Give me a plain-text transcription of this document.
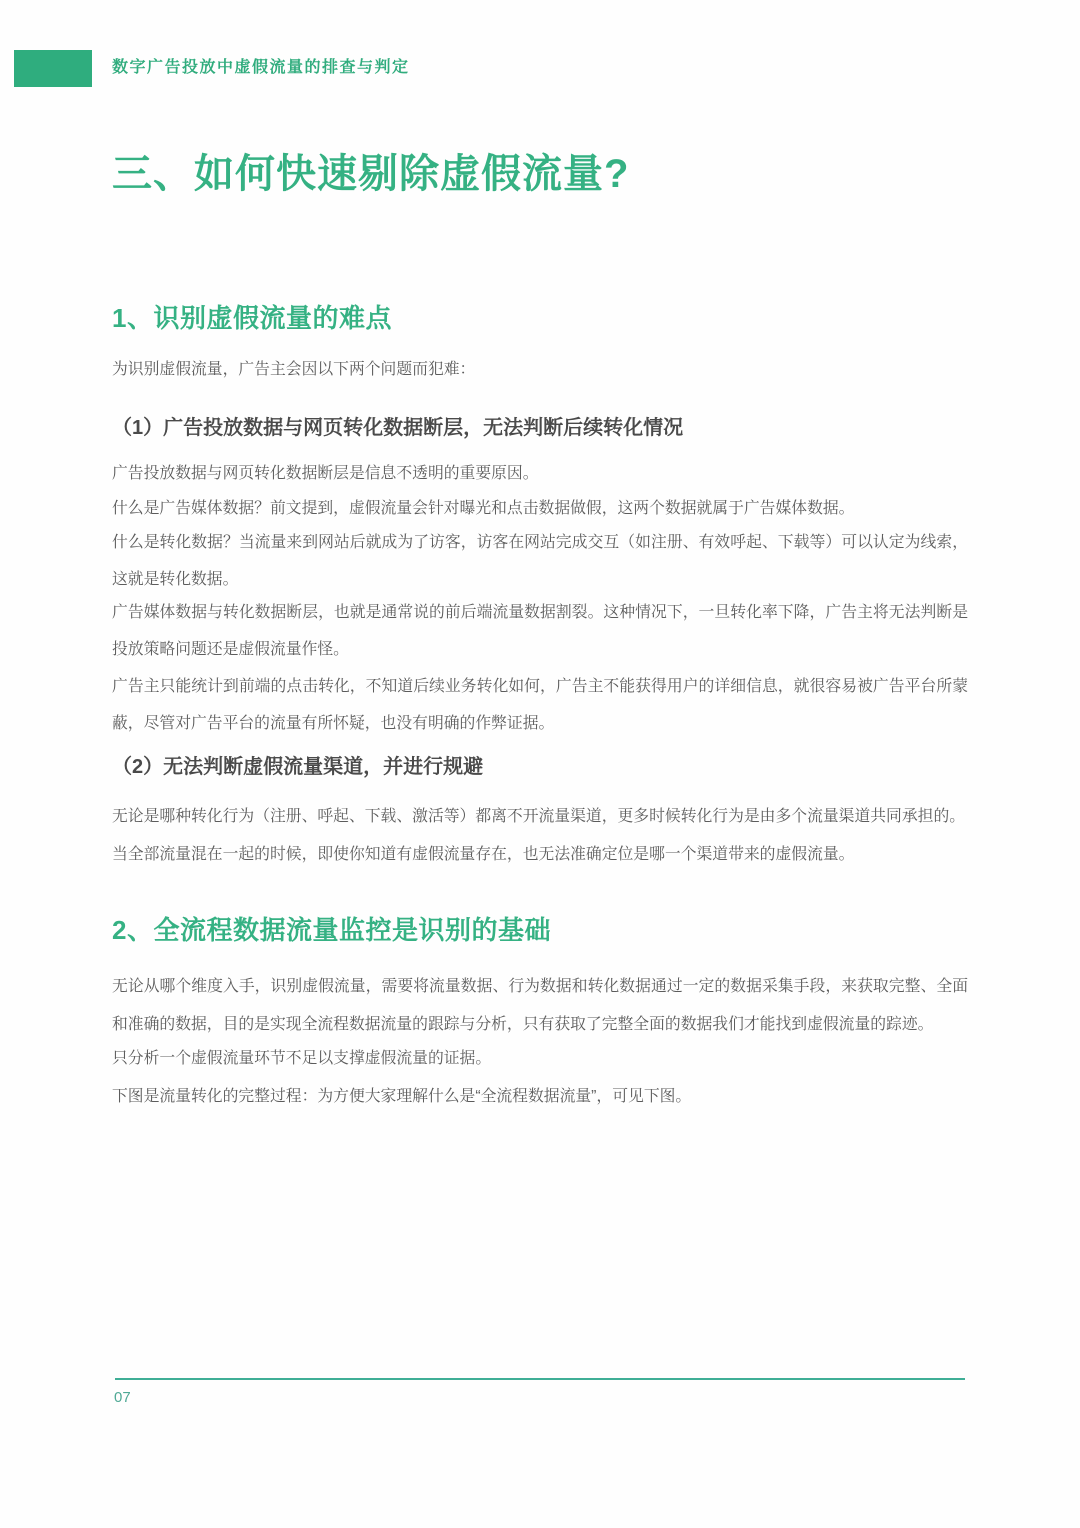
数字广告投放中虚假流量的排查与判定
三、如何快速剔除虚假流量?
1、识别虚假流量的难点

为识别虚假流量，广告主会因以下两个问题而犯难：

（1）广告投放数据与网页转化数据断层，无法判断后续转化情况

广告投放数据与网页转化数据断层是信息不透明的重要原因。

什么是广告媒体数据？前文提到，虚假流量会针对曝光和点击数据做假，这两个数据就属于广告媒体数据。

什么是转化数据？当流量来到网站后就成为了访客，访客在网站完成交互（如注册、有效呼起、下载等）可以认定为线索，这就是转化数据。

广告媒体数据与转化数据断层，也就是通常说的前后端流量数据割裂。这种情况下，一旦转化率下降，广告主将无法判断是投放策略问题还是虚假流量作怪。

广告主只能统计到前端的点击转化，不知道后续业务转化如何，广告主不能获得用户的详细信息，就很容易被广告平台所蒙蔽，尽管对广告平台的流量有所怀疑，也没有明确的作弊证据。

（2）无法判断虚假流量渠道，并进行规避

无论是哪种转化行为（注册、呼起、下载、激活等）都离不开流量渠道，更多时候转化行为是由多个流量渠道共同承担的。

当全部流量混在一起的时候，即使你知道有虚假流量存在，也无法准确定位是哪一个渠道带来的虚假流量。

2、全流程数据流量监控是识别的基础

无论从哪个维度入手，识别虚假流量，需要将流量数据、行为数据和转化数据通过一定的数据采集手段，来获取完整、全面和准确的数据，目的是实现全流程数据流量的跟踪与分析，只有获取了完整全面的数据我们才能找到虚假流量的踪迹。

只分析一个虚假流量环节不足以支撑虚假流量的证据。

下图是流量转化的完整过程：为方便大家理解什么是“全流程数据流量”，可见下图。

07
